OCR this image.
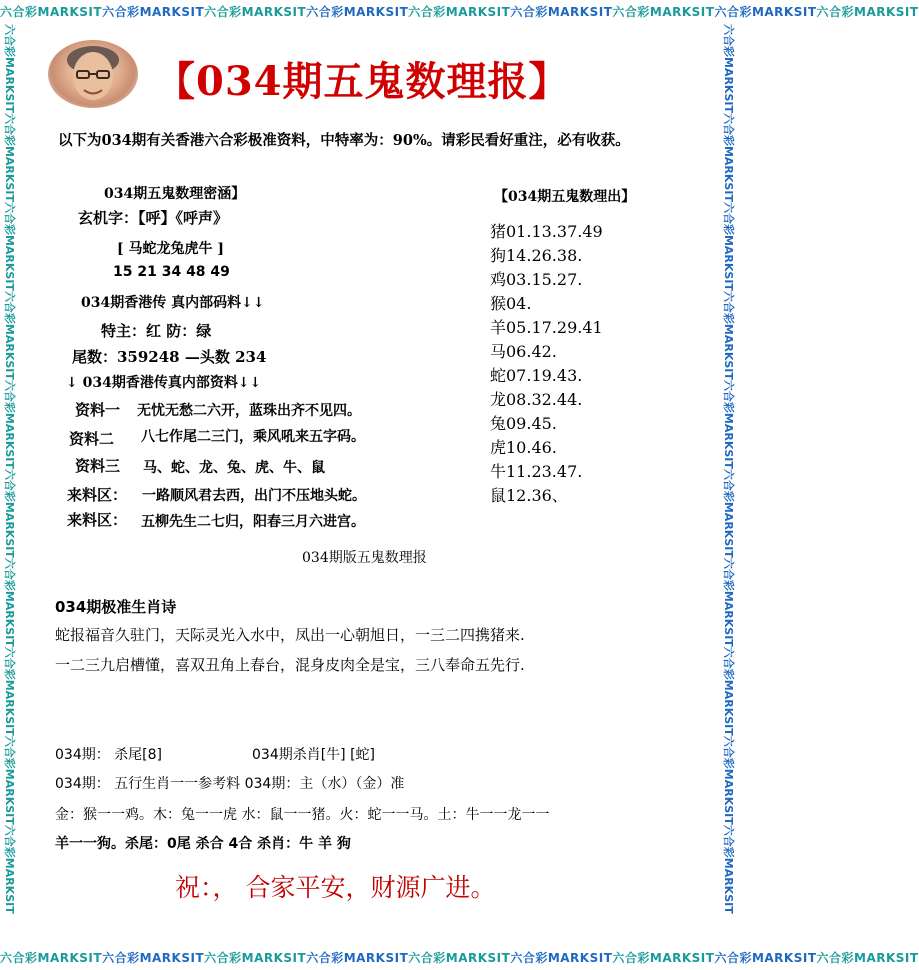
六合彩MARKSIT六合彩MARKSIT六合彩MARKSIT六合彩MARKSIT六合彩MARKSIT六合彩MARKSIT六合彩MARKSIT六合彩MARKSIT六合彩MARKSIT
六合彩MARKSIT六合彩MARKSIT六合彩MARKSIT六合彩MARKSIT六合彩MARKSIT六合彩MARKSIT六合彩MARKSIT六合彩MARKSIT六合彩MARKSIT
六合彩MARKSIT六合彩MARKSIT六合彩MARKSIT六合彩MARKSIT六合彩MARKSIT六合彩MARKSIT六合彩MARKSIT六合彩MARKSIT六合彩MARKSIT六合彩MARKSIT	六合彩MARKSIT六合彩MARKSIT六合彩MARKSIT六合彩MARKSIT六合彩MARKSIT六合彩MARKSIT六合彩MARKSIT六合彩MARKSIT六合彩MARKSIT六合彩MARKSIT
【034期五鬼数理报】
以下为034期有关香港六合彩极准资料，中特率为：90%。请彩民看好重注，必有收获。
034期五鬼数理密涵】
玄机字：【呼】《呼声》
[ 马蛇龙兔虎牛 ]
15 21 34 48 49
034期香港传 真内部码料↓↓
特主：红 防：绿
尾数：359248 —头数 234
↓ 034期香港传真内部资料↓↓
资料一 无忧无愁二六开，蓝珠出齐不见四。
资料二 八七作尾二三门，乘风吼来五字码。
资料三 马、蛇、龙、兔、虎、牛、鼠
来料区： 一路顺风君去西，出门不压地头蛇。
来料区： 五柳先生二七归，阳春三月六进宫。
【034期五鬼数理出】
猪01.13.37.49
狗14.26.38.
鸡03.15.27.
猴04.
羊05.17.29.41
马06.42.
蛇07.19.43.
龙08.32.44.
兔09.45.
虎10.46.
牛11.23.47.
鼠12.36、
034期版五鬼数理报
034期极准生肖诗
蛇报福音久驻门，天际灵光入水中，凤出一心朝旭日，一三二四携猪来.
一二三九启槽懂，喜双丑角上春台，混身皮肉全是宝，三八奉命五先行.
034期： 杀尾[8]	034期杀肖[牛] [蛇]
034期： 五行生肖一一参考料 034期：主（水）（金）准
金：猴一一鸡。木：兔一一虎 水：鼠一一猪。火：蛇一一马。土：牛一一龙一一
羊一一狗。杀尾：0尾 杀合 4合 杀肖：牛 羊 狗
祝：， 合家平安，财源广进。
